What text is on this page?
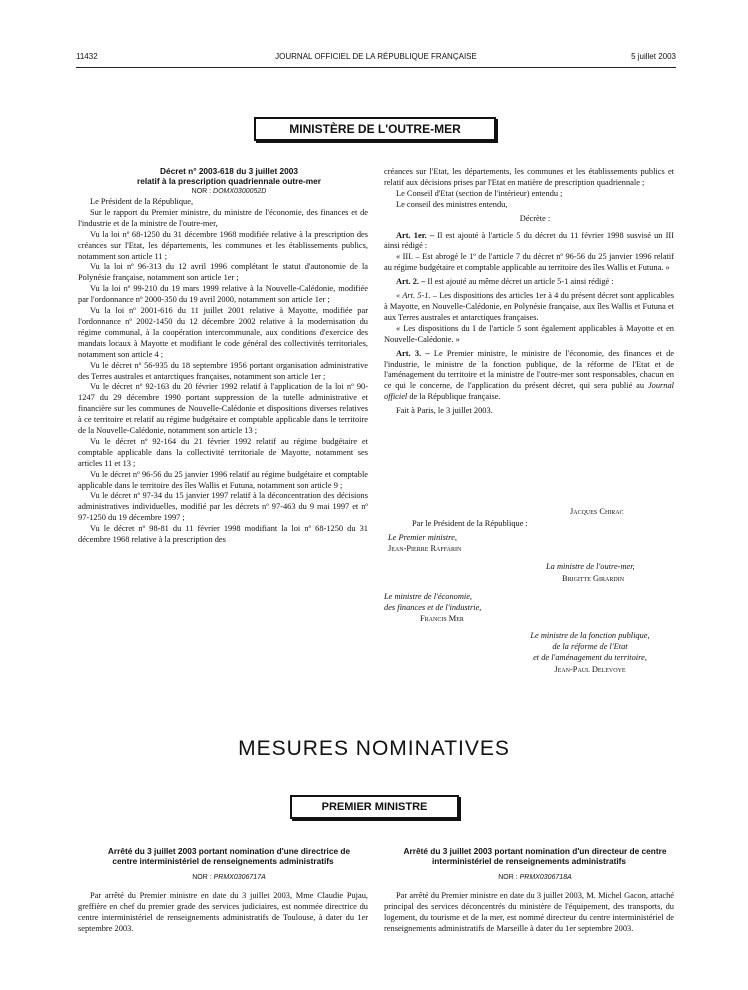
11432	JOURNAL OFFICIEL DE LA RÉPUBLIQUE FRANÇAISE	5 juillet 2003
MINISTÈRE DE L'OUTRE-MER

Décret n° 2003-618 du 3 juillet 2003

relatif à la prescription quadriennale outre-mer

NOR : DOMX0300052D

Le Président de la République,

Sur le rapport du Premier ministre, du ministre de l'économie, des finances et de l'industrie et de la ministre de l'outre-mer,

Vu la loi nº 68-1250 du 31 décembre 1968 modifiée relative à la prescription des créances sur l'Etat, les départements, les communes et les établissements publics, notamment son article 11 ;

Vu la loi nº 96-313 du 12 avril 1996 complétant le statut d'autonomie de la Polynésie française, notamment son article 1er ;

Vu la loi nº 99-210 du 19 mars 1999 relative à la Nouvelle-Calédonie, modifiée par l'ordonnance nº 2000-350 du 19 avril 2000, notamment son article 1er ;

Vu la loi nº 2001-616 du 11 juillet 2001 relative à Mayotte, modifiée par l'ordonnance nº 2002-1450 du 12 décembre 2002 relative à la modernisation du régime communal, à la coopération intercommunale, aux conditions d'exercice des mandats locaux à Mayotte et modifiant le code général des collectivités territoriales, notamment son article 4 ;

Vu le décret nº 56-935 du 18 septembre 1956 portant organisation administrative des Terres australes et antarctiques françaises, notamment son article 1er ;

Vu le décret nº 92-163 du 20 février 1992 relatif à l'application de la loi nº 90-1247 du 29 décembre 1990 portant suppression de la tutelle administrative et financière sur les communes de Nouvelle-Calédonie et dispositions diverses relatives à ce territoire et relatif au régime budgétaire et comptable applicable dans le territoire de la Nouvelle-Calédonie, notamment son article 13 ;

Vu le décret nº 92-164 du 21 février 1992 relatif au régime budgétaire et comptable applicable dans la collectivité territoriale de Mayotte, notamment ses articles 11 et 13 ;

Vu le décret nº 96-56 du 25 janvier 1996 relatif au régime budgétaire et comptable applicable dans le territoire des îles Wallis et Futuna, notamment son article 9 ;

Vu le décret nº 97-34 du 15 janvier 1997 relatif à la déconcentration des décisions administratives individuelles, modifié par les décrets nº 97-463 du 9 mai 1997 et nº 97-1250 du 19 décembre 1997 ;

Vu le décret nº 98-81 du 11 février 1998 modifiant la loi nº 68-1250 du 31 décembre 1968 relative à la prescription des

créances sur l'Etat, les départements, les communes et les établissements publics et relatif aux décisions prises par l'Etat en matière de prescription quadriennale ;

Le Conseil d'Etat (section de l'intérieur) entendu ;

Le conseil des ministres entendu,

Décrète :

Art. 1er. – Il est ajouté à l'article 5 du décret du 11 février 1998 susvisé un III ainsi rédigé :

« III. – Est abrogé le 1º de l'article 7 du décret nº 96-56 du 25 janvier 1996 relatif au régime budgétaire et comptable applicable au territoire des îles Wallis et Futuna. »

Art. 2. – Il est ajouté au même décret un article 5-1 ainsi rédigé :

« Art. 5-1. – Les dispositions des articles 1er à 4 du présent décret sont applicables à Mayotte, en Nouvelle-Calédonie, en Polynésie française, aux îles Wallis et Futuna et aux Terres australes et antarctiques françaises.

« Les dispositions du I de l'article 5 sont également applicables à Mayotte et en Nouvelle-Calédonie. »

Art. 3. – Le Premier ministre, le ministre de l'économie, des finances et de l'industrie, le ministre de la fonction publique, de la réforme de l'Etat et de l'aménagement du territoire et la ministre de l'outre-mer sont responsables, chacun en ce qui le concerne, de l'application du présent décret, qui sera publié au Journal officiel de la République française.

Fait à Paris, le 3 juillet 2003.

Jacques Chirac
Par le Président de la République :
Le Premier ministre,
Jean-Pierre Raffarin
La ministre de l'outre-mer,
Brigitte Girardin
Le ministre de l'économie,
des finances et de l'industrie,
Francis Mer
Le ministre de la fonction publique,
de la réforme de l'Etat
et de l'aménagement du territoire,
Jean-Paul Delevoye
MESURES NOMINATIVES
PREMIER MINISTRE

Arrêté du 3 juillet 2003 portant nomination d'une directrice de centre interministériel de renseignements administratifs

NOR : PRMX0306717A

Par arrêté du Premier ministre en date du 3 juillet 2003, Mme Claudie Pujau, greffière en chef du premier grade des services judiciaires, est nommée directrice du centre interministériel de renseignements administratifs de Toulouse, à dater du 1er septembre 2003.

Arrêté du 3 juillet 2003 portant nomination d'un directeur de centre interministériel de renseignements administratifs

NOR : PRMX0306718A

Par arrêté du Premier ministre en date du 3 juillet 2003, M. Michel Gacon, attaché principal des services déconcentrés du ministère de l'équipement, des transports, du logement, du tourisme et de la mer, est nommé directeur du centre interministériel de renseignements administratifs de Marseille à dater du 1er septembre 2003.
